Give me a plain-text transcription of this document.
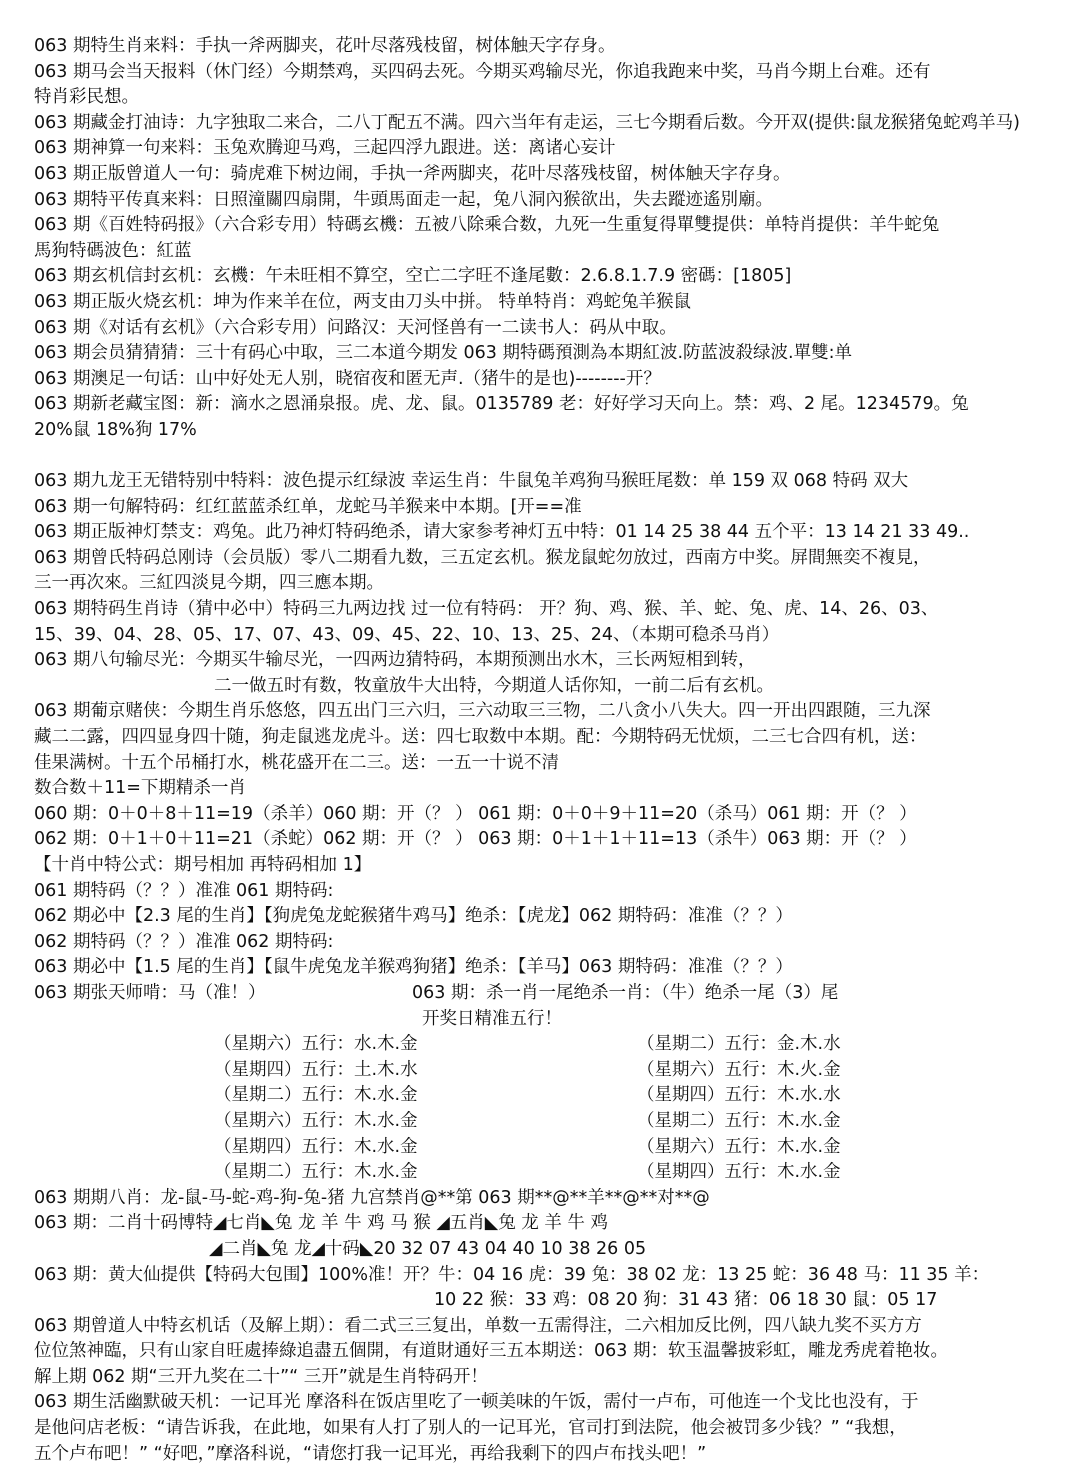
063 期特生肖来料：手执一斧两脚夹，花叶尽落残枝留，树体触天字存身。
063 期马会当天报料（休门经）今期禁鸡，买四码去死。今期买鸡输尽光，你追我跑来中奖，马肖今期上台难。还有
特肖彩民想。
063 期藏金打油诗：九字独取二来合，二八丁配五不满。四六当年有走运，三七今期看后数。今开双(提供:鼠龙猴猪兔蛇鸡羊马)
063 期神算一句来料：玉兔欢腾迎马鸡，三起四浮九跟进。送：离诸心妄计
063 期正版曾道人一句：骑虎难下树边闹，手执一斧两脚夹，花叶尽落残枝留，树体触天字存身。
063 期特平传真来料：日照潼關四扇開，牛頭馬面走一起，兔八洞內猴欲出，失去蹤迹遙別廟。
063 期《百姓特码报》（六合彩专用）特碼玄機：五被八除乘合数，九死一生重复得單雙提供：单特肖提供：羊牛蛇兔
馬狗特碼波色：紅蓝
063 期玄机信封玄机：玄機：午未旺相不算空，空亡二字旺不逢尾數：2.6.8.1.7.9 密碼：[1805]
063 期正版火烧玄机：坤为作来羊在位，两支由刀头中拼。 特单特肖：鸡蛇兔羊猴鼠
063 期《对话有玄机》（六合彩专用）问路汉：天河怪兽有一二读书人：码从中取。
063 期会员猜猜猜：三十有码心中取，三二本道今期发 063 期特碼預測為本期紅波.防蓝波殺绿波.單雙:单
063 期澳足一句话：山中好处无人别，晓宿夜和匿无声.（猪牛的是也)--------开？
063 期新老藏宝图：新：滴水之恩涌泉报。虎、龙、鼠。0135789 老：好好学习天向上。禁：鸡、2 尾。1234579。兔
20%鼠 18%狗 17%

063 期九龙王无错特别中特料：波色提示红绿波 幸运生肖：牛鼠兔羊鸡狗马猴旺尾数：单 159 双 068 特码 双大
063 期一句解特码：红红蓝蓝杀红单，龙蛇马羊猴来中本期。[开==准
063 期正版神灯禁支：鸡兔。此乃神灯特码绝杀，请大家参考神灯五中特：01 14 25 38 44 五个平：13 14 21 33 49..
063 期曾氏特码总刚诗（会员版）零八二期看九数，三五定玄机。猴龙鼠蛇勿放过，西南方中奖。屏間無奕不複見，
三一再次來。三紅四淡見今期，四三應本期。
063 期特码生肖诗（猜中必中）特码三九两边找 过一位有特码： 开？狗、鸡、猴、羊、蛇、兔、虎、14、26、03、
15、39、04、28、05、17、07、43、09、45、22、10、13、25、24、（本期可稳杀马肖）
063 期八句输尽光：今期买牛输尽光，一四两边猜特码，本期预测出水木，三长两短相到转，
二一做五时有数，牧童放牛大出特，今期道人话你知，一前二后有玄机。
063 期葡京赌侠：今期生肖乐悠悠，四五出门三六归，三六动取三三物，二八贪小八失大。四一开出四跟随，三九深
藏二二露，四四显身四十随，狗走鼠逃龙虎斗。送：四七取数中本期。配：今期特码无忧烦，二三七合四有机，送：
佳果满树。十五个吊桶打水，桃花盛开在二三。送：一五一十说不清
数合数＋11=下期精杀一肖
060 期：0＋0＋8＋11=19（杀羊）060 期：开（？ ） 061 期：0＋0＋9＋11=20（杀马）061 期：开（？ ）
062 期：0＋1＋0＋11=21（杀蛇）062 期：开（？ ） 063 期：0＋1＋1＋11=13（杀牛）063 期：开（？ ）
【十肖中特公式：期号相加 再特码相加 1】
061 期特码（？？）准准 061 期特码:
062 期必中【2.3 尾的生肖】【狗虎兔龙蛇猴猪牛鸡马】绝杀：【虎龙】062 期特码：准准（？？）
062 期特码（？？）准准 062 期特码:
063 期必中【1.5 尾的生肖】【鼠牛虎兔龙羊猴鸡狗猪】绝杀：【羊马】063 期特码：准准（？？）
063 期张天师啃：马（准！）	063 期：杀一肖一尾绝杀一肖：（牛）绝杀一尾（3）尾
开奖日精准五行！
（星期六）五行：水.木.金	（星期二）五行：金.木.水
（星期四）五行：土.木.水	（星期六）五行：木.火.金
（星期二）五行：木.水.金	（星期四）五行：木.水.水
（星期六）五行：木.水.金	（星期二）五行：木.水.金
（星期四）五行：木.水.金	（星期六）五行：木.水.金
（星期二）五行：木.水.金	（星期四）五行：木.水.金
063 期期八肖：龙-鼠-马-蛇-鸡-狗-兔-猪 九宫禁肖@**第 063 期**@**羊**@**对**@
063 期：二肖十码博特◢七肖◣兔 龙 羊 牛 鸡 马 猴 ◢五肖◣兔 龙 羊 牛 鸡
◢二肖◣兔 龙◢十码◣20 32 07 43 04 40 10 38 26 05
063 期：黄大仙提供【特码大包围】100%准！开？牛：04 16 虎：39 兔：38 02 龙：13 25 蛇：36 48 马：11 35 羊：
10 22 猴：33 鸡：08 20 狗：31 43 猪：06 18 30 鼠：05 17
063 期曾道人中特玄机话（及解上期）：看二式三三复出，单数一五需得注，二六相加反比例，四八缺九奖不买方方
位位煞神臨，只有山家自旺處捧綠追盡五個開，有道財通好三五本期送：063 期：软玉温馨披彩虹，雕龙秀虎着艳妆。
解上期 062 期“三开九奖在二十”“ 三开”就是生肖特码开！
063 期生活幽默破天机：一记耳光 摩洛科在饭店里吃了一顿美味的午饭，需付一卢布，可他连一个戈比也没有，于
是他问店老板：“请告诉我，在此地，如果有人打了别人的一记耳光，官司打到法院，他会被罚多少钱？” “我想，
五个卢布吧！” “好吧，”摩洛科说，“请您打我一记耳光，再给我剩下的四卢布找头吧！”
